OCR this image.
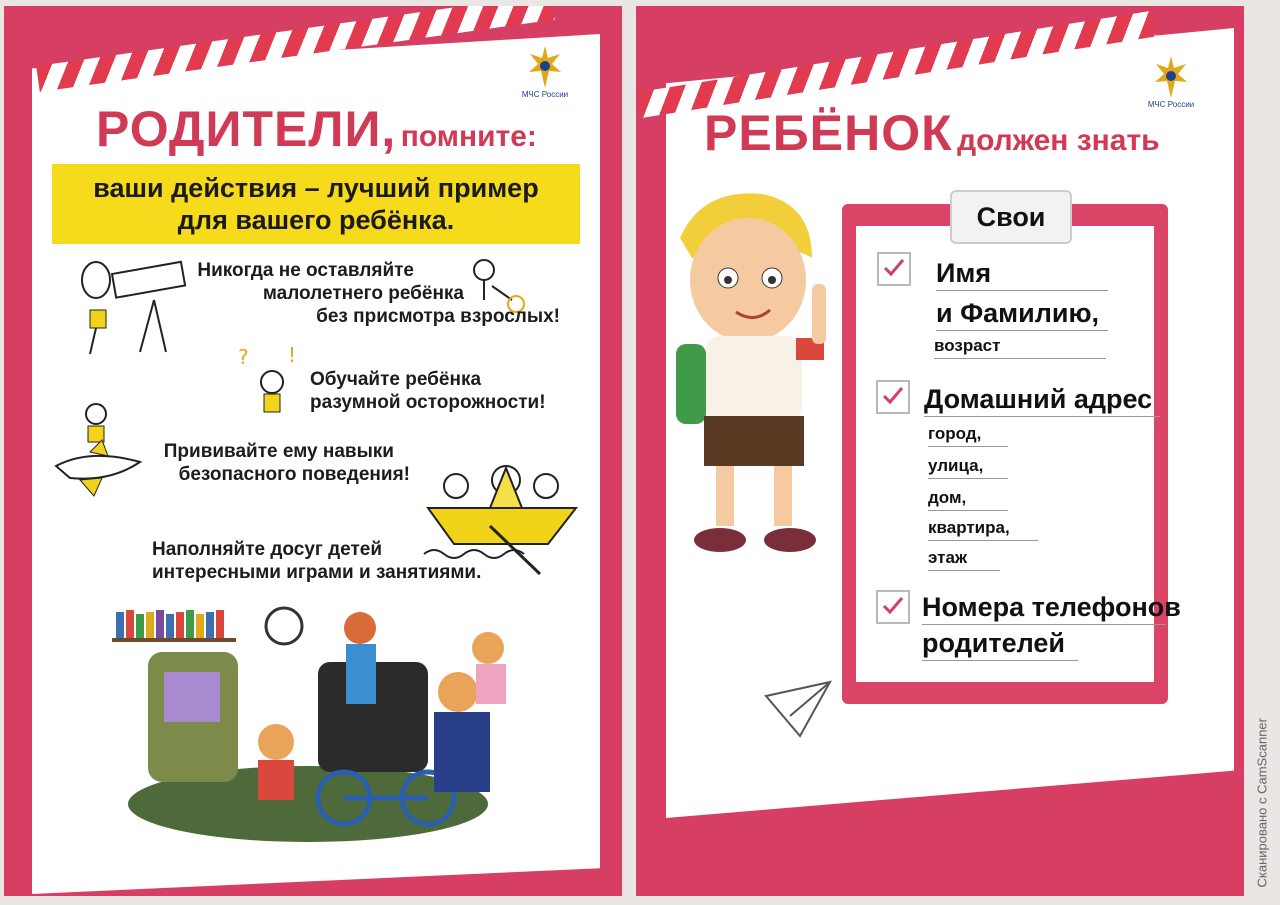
МЧС России
РОДИТЕЛИ, помните:
ваши действия – лучший пример
для вашего ребёнка.
Никогда не оставляйте
малолетнего ребёнка
без присмотра взрослых!
? !
Обучайте ребёнка
разумной осторожности!
Прививайте ему навыки
безопасного поведения!
Наполняйте досуг детей
интересными играми и занятиями.
МЧС России
РЕБЁНОК должен знать
Свои
Имя
и Фамилию,
возраст
Домашний адрес
город,
улица,
дом,
квартира,
этаж
Номера телефонов
родителей
Сканировано с CamScanner
